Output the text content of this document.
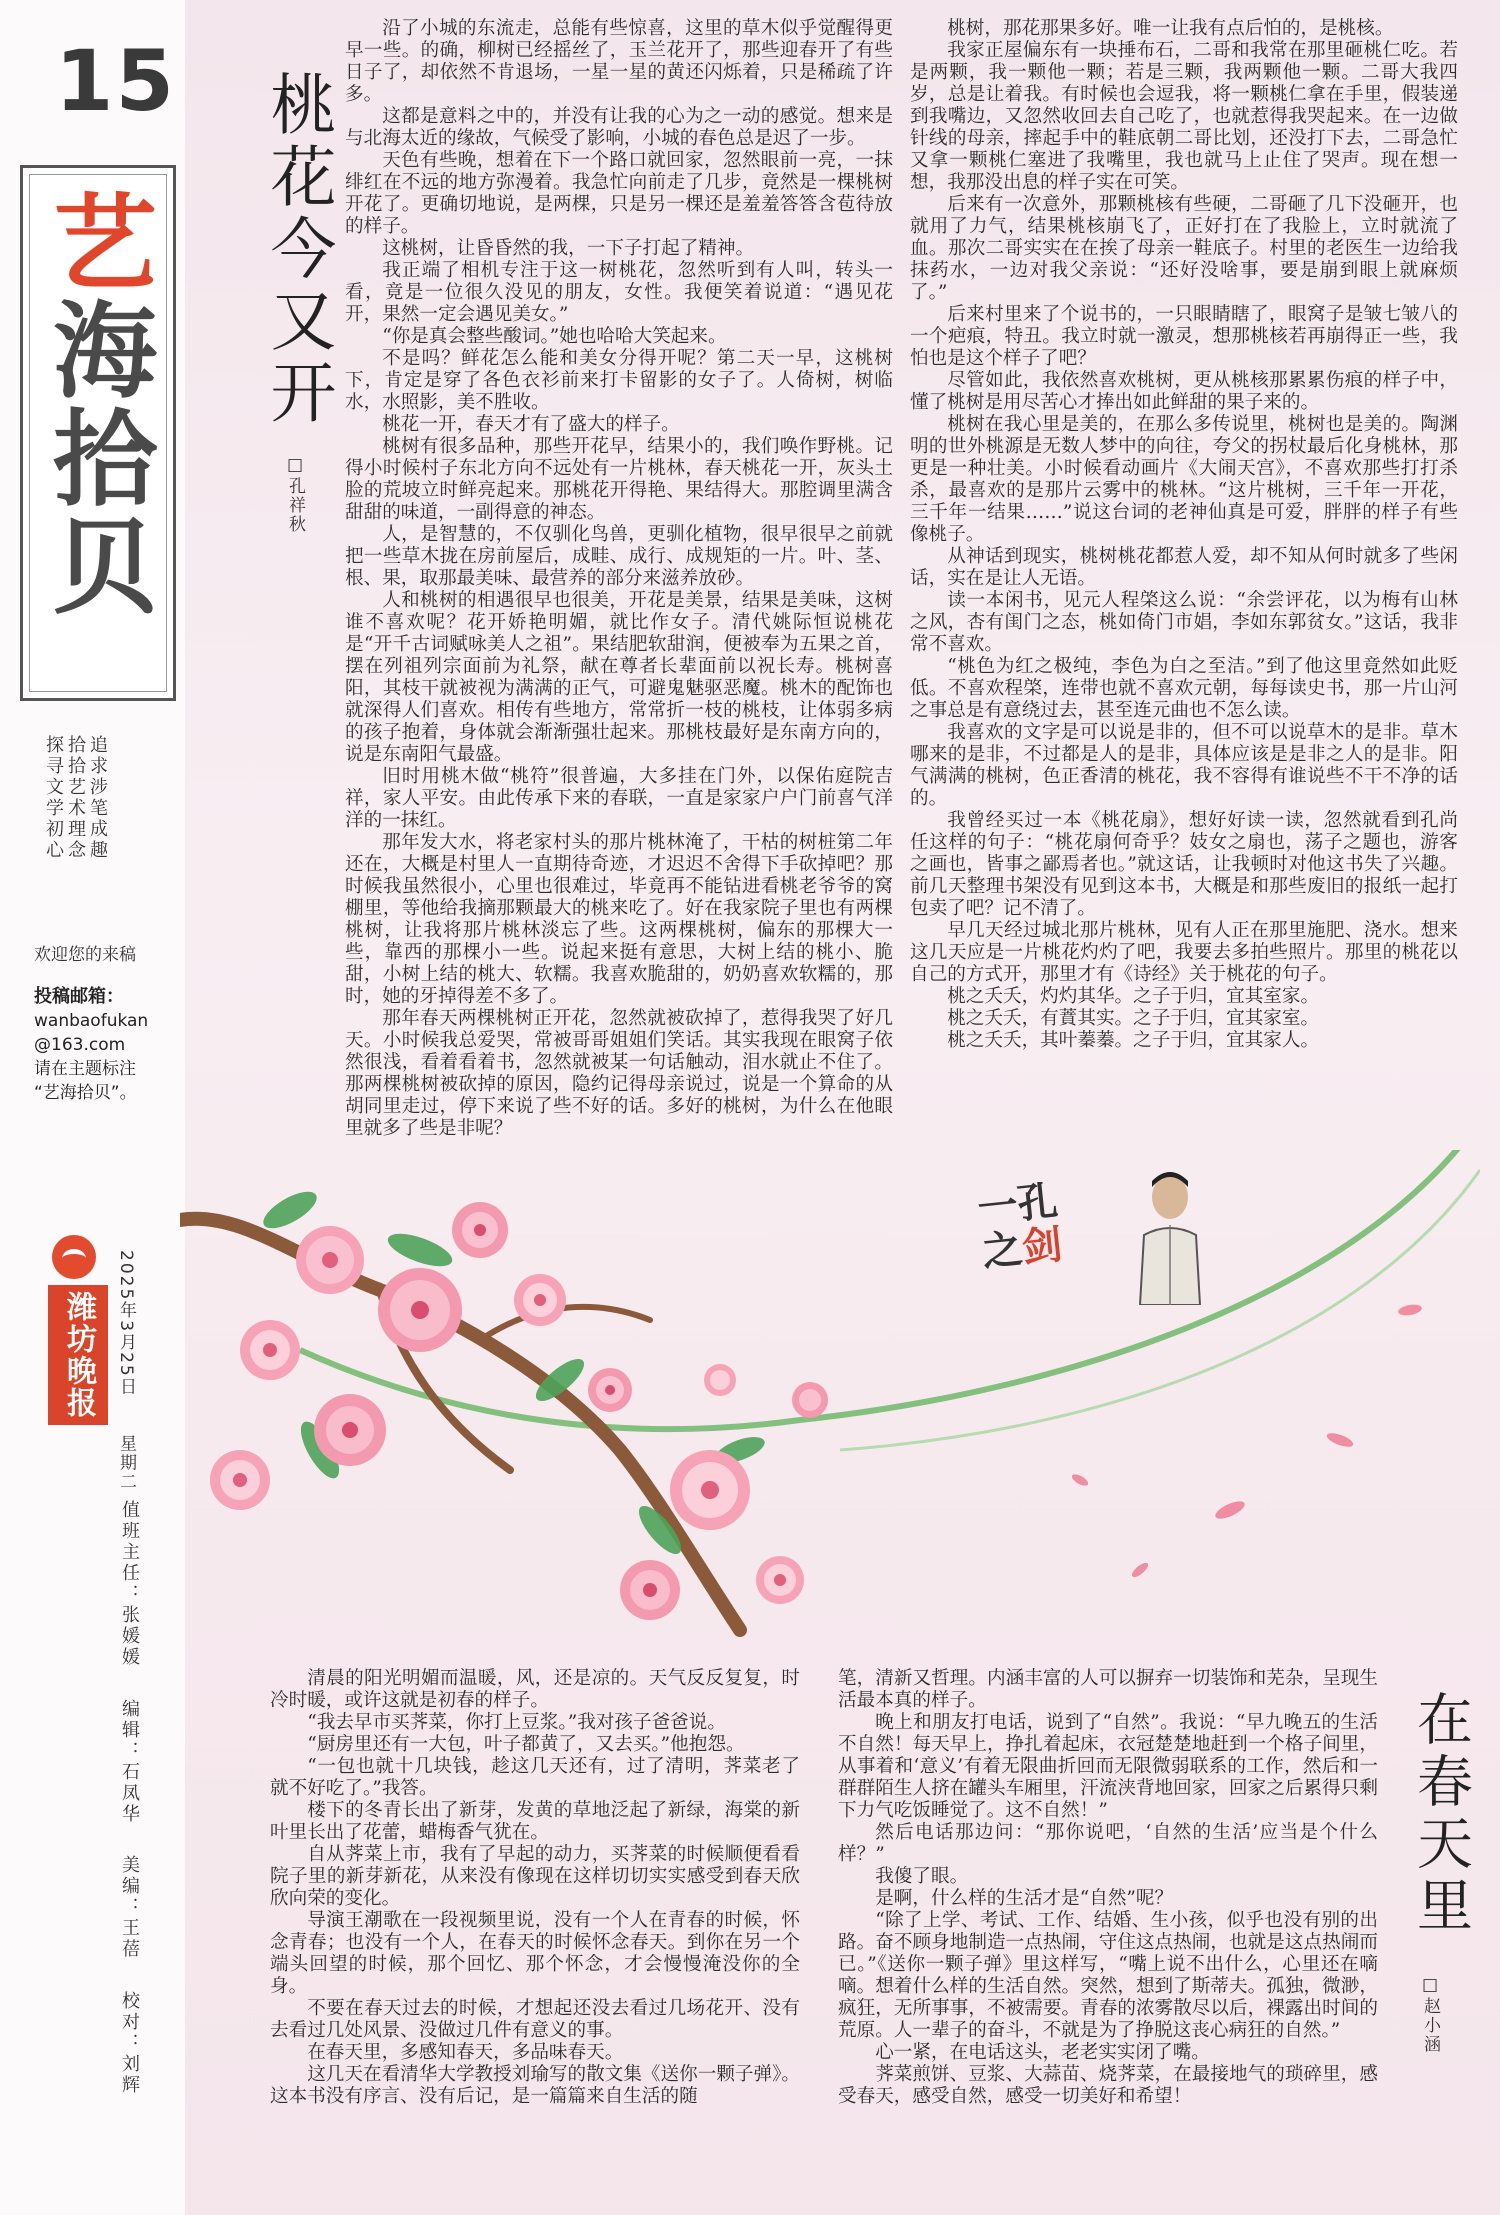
15
艺海拾贝
追求涉笔成趣
拾拾艺术理念
探寻文学初心
欢迎您的来稿
投稿邮箱：
wanbaofukan
@163.com
请在主题标注
“艺海拾贝”。
潍坊晚报	2025年3月25日　　星期二
值班主任：张媛媛 编辑：石凤华 美编：王蓓 校对：刘辉
桃花今又开
□孔祥秋

沿了小城的东流走，总能有些惊喜，这里的草木似乎觉醒得更早一些。的确，柳树已经摇丝了，玉兰花开了，那些迎春开了有些日子了，却依然不肯退场，一星一星的黄还闪烁着，只是稀疏了许多。

这都是意料之中的，并没有让我的心为之一动的感觉。想来是与北海太近的缘故，气候受了影响，小城的春色总是迟了一步。

天色有些晚，想着在下一个路口就回家，忽然眼前一亮，一抹绯红在不远的地方弥漫着。我急忙向前走了几步，竟然是一棵桃树开花了。更确切地说，是两棵，只是另一棵还是羞羞答答含苞待放的样子。

这桃树，让昏昏然的我，一下子打起了精神。

我正端了相机专注于这一树桃花，忽然听到有人叫，转头一看，竟是一位很久没见的朋友，女性。我便笑着说道：“遇见花开，果然一定会遇见美女。”

“你是真会整些酸词。”她也哈哈大笑起来。

不是吗？鲜花怎么能和美女分得开呢？第二天一早，这桃树下，肯定是穿了各色衣衫前来打卡留影的女子了。人倚树，树临水，水照影，美不胜收。

桃花一开，春天才有了盛大的样子。

桃树有很多品种，那些开花早，结果小的，我们唤作野桃。记得小时候村子东北方向不远处有一片桃林，春天桃花一开，灰头土脸的荒坡立时鲜亮起来。那桃花开得艳、果结得大。那腔调里满含甜甜的味道，一副得意的神态。

人，是智慧的，不仅驯化鸟兽，更驯化植物，很早很早之前就把一些草木拢在房前屋后，成畦、成行、成规矩的一片。叶、茎、根、果，取那最美味、最营养的部分来滋养放砂。

人和桃树的相遇很早也很美，开花是美景，结果是美味，这树谁不喜欢呢？花开娇艳明媚，就比作女子。清代姚际恒说桃花是“开千古词赋咏美人之祖”。果结肥软甜润，便被奉为五果之首，摆在列祖列宗面前为礼祭，献在尊者长辈面前以祝长寿。桃树喜阳，其枝干就被视为满满的正气，可避鬼魅驱恶魔。桃木的配饰也就深得人们喜欢。相传有些地方，常常折一枝的桃枝，让体弱多病的孩子抱着，身体就会渐渐强壮起来。那桃枝最好是东南方向的，说是东南阳气最盛。

旧时用桃木做“桃符”很普遍，大多挂在门外，以保佑庭院吉祥，家人平安。由此传承下来的春联，一直是家家户户门前喜气洋洋的一抹红。

那年发大水，将老家村头的那片桃林淹了，干枯的树桩第二年还在，大概是村里人一直期待奇迹，才迟迟不舍得下手砍掉吧？那时候我虽然很小，心里也很难过，毕竟再不能钻进看桃老爷爷的窝棚里，等他给我摘那颗最大的桃来吃了。好在我家院子里也有两棵桃树，让我将那片桃林淡忘了些。这两棵桃树，偏东的那棵大一些，靠西的那棵小一些。说起来挺有意思，大树上结的桃小、脆甜，小树上结的桃大、软糯。我喜欢脆甜的，奶奶喜欢软糯的，那时，她的牙掉得差不多了。

那年春天两棵桃树正开花，忽然就被砍掉了，惹得我哭了好几天。小时候我总爱哭，常被哥哥姐姐们笑话。其实我现在眼窝子依然很浅，看着看着书，忽然就被某一句话触动，泪水就止不住了。那两棵桃树被砍掉的原因，隐约记得母亲说过，说是一个算命的从胡同里走过，停下来说了些不好的话。多好的桃树，为什么在他眼里就多了些是非呢？

桃树，那花那果多好。唯一让我有点后怕的，是桃核。

我家正屋偏东有一块捶布石，二哥和我常在那里砸桃仁吃。若是两颗，我一颗他一颗；若是三颗，我两颗他一颗。二哥大我四岁，总是让着我。有时候也会逗我，将一颗桃仁拿在手里，假装递到我嘴边，又忽然收回去自己吃了，也就惹得我哭起来。在一边做针线的母亲，摔起手中的鞋底朝二哥比划，还没打下去，二哥急忙又拿一颗桃仁塞进了我嘴里，我也就马上止住了哭声。现在想一想，我那没出息的样子实在可笑。

后来有一次意外，那颗桃核有些硬，二哥砸了几下没砸开，也就用了力气，结果桃核崩飞了，正好打在了我脸上，立时就流了血。那次二哥实实在在挨了母亲一鞋底子。村里的老医生一边给我抹药水，一边对我父亲说：“还好没啥事，要是崩到眼上就麻烦了。”

后来村里来了个说书的，一只眼睛瞎了，眼窝子是皱七皱八的一个疤痕，特丑。我立时就一激灵，想那桃核若再崩得正一些，我怕也是这个样子了吧？

尽管如此，我依然喜欢桃树，更从桃核那累累伤痕的样子中，懂了桃树是用尽苦心才捧出如此鲜甜的果子来的。

桃树在我心里是美的，在那么多传说里，桃树也是美的。陶渊明的世外桃源是无数人梦中的向往，夸父的拐杖最后化身桃林，那更是一种壮美。小时候看动画片《大闹天宫》，不喜欢那些打打杀杀，最喜欢的是那片云雾中的桃林。“这片桃树，三千年一开花，三千年一结果……”说这台词的老神仙真是可爱，胖胖的样子有些像桃子。

从神话到现实，桃树桃花都惹人爱，却不知从何时就多了些闲话，实在是让人无语。

读一本闲书，见元人程棨这么说：“余尝评花，以为梅有山林之风，杏有闺门之态，桃如倚门市娼，李如东郭贫女。”这话，我非常不喜欢。

“桃色为红之极纯，李色为白之至洁。”到了他这里竟然如此贬低。不喜欢程棨，连带也就不喜欢元朝，每每读史书，那一片山河之事总是有意绕过去，甚至连元曲也不怎么读。

我喜欢的文字是可以说是非的，但不可以说草木的是非。草木哪来的是非，不过都是人的是非，具体应该是是非之人的是非。阳气满满的桃树，色正香清的桃花，我不容得有谁说些不干不净的话的。

我曾经买过一本《桃花扇》，想好好读一读，忽然就看到孔尚任这样的句子：“桃花扇何奇乎？妓女之扇也，荡子之题也，游客之画也，皆事之鄙焉者也。”就这话，让我顿时对他这书失了兴趣。前几天整理书架没有见到这本书，大概是和那些废旧的报纸一起打包卖了吧？记不清了。

早几天经过城北那片桃林，见有人正在那里施肥、浇水。想来这几天应是一片桃花灼灼了吧，我要去多拍些照片。那里的桃花以自己的方式开，那里才有《诗经》关于桃花的句子。

桃之夭夭，灼灼其华。之子于归，宜其室家。

桃之夭夭，有蕡其实。之子于归，宜其家室。

桃之夭夭，其叶蓁蓁。之子于归，宜其家人。

一孔
之剑
在春天里
□赵小涵

清晨的阳光明媚而温暖，风，还是凉的。天气反反复复，时冷时暖，或许这就是初春的样子。

“我去早市买荠菜，你打上豆浆。”我对孩子爸爸说。

“厨房里还有一大包，叶子都黄了，又去买。”他抱怨。

“一包也就十几块钱，趁这几天还有，过了清明，荠菜老了就不好吃了。”我答。

楼下的冬青长出了新芽，发黄的草地泛起了新绿，海棠的新叶里长出了花蕾，蜡梅香气犹在。

自从荠菜上市，我有了早起的动力，买荠菜的时候顺便看看院子里的新芽新花，从来没有像现在这样切切实实感受到春天欣欣向荣的变化。

导演王潮歌在一段视频里说，没有一个人在青春的时候，怀念青春；也没有一个人，在春天的时候怀念春天。到你在另一个端头回望的时候，那个回忆、那个怀念，才会慢慢淹没你的全身。

不要在春天过去的时候，才想起还没去看过几场花开、没有去看过几处风景、没做过几件有意义的事。

在春天里，多感知春天，多品味春天。

这几天在看清华大学教授刘瑜写的散文集《送你一颗子弹》。这本书没有序言、没有后记，是一篇篇来自生活的随

笔，清新又哲理。内涵丰富的人可以摒弃一切装饰和芜杂，呈现生活最本真的样子。

晚上和朋友打电话，说到了“自然”。我说：“早九晚五的生活不自然！每天早上，挣扎着起床，衣冠楚楚地赶到一个格子间里，从事着和‘意义’有着无限曲折回而无限微弱联系的工作，然后和一群群陌生人挤在罐头车厢里，汗流浃背地回家，回家之后累得只剩下力气吃饭睡觉了。这不自然！”

然后电话那边问：“那你说吧，‘自然的生活’应当是个什么样？”

我傻了眼。

是啊，什么样的生活才是“自然”呢？

“除了上学、考试、工作、结婚、生小孩，似乎也没有别的出路。奋不顾身地制造一点热闹，守住这点热闹，也就是这点热闹而已。”《送你一颗子弹》里这样写，“嘴上说不出什么，心里还在嘀嘀。想着什么样的生活自然。突然，想到了斯蒂夫。孤独，微渺，疯狂，无所事事，不被需要。青春的浓雾散尽以后，裸露出时间的荒原。人一辈子的奋斗，不就是为了挣脱这丧心病狂的自然。”

心一紧，在电话这头，老老实实闭了嘴。

荠菜煎饼、豆浆、大蒜苗、烧荠菜，在最接地气的琐碎里，感受春天，感受自然，感受一切美好和希望！
